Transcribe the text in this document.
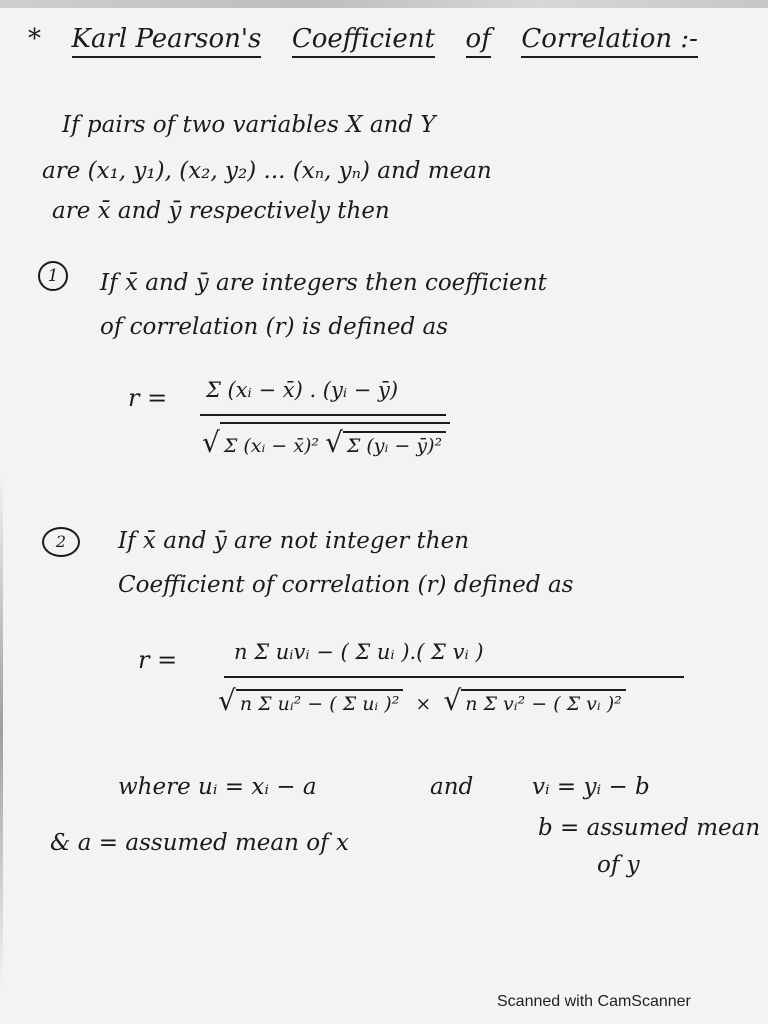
* Karl Pearson's Coefficient of Correlation :-

If pairs of two variables X and Y

are (x₁, y₁), (x₂, y₂) ... (xₙ, yₙ) and mean

are x̄ and ȳ respectively then

1	If x̄ and ȳ are integers then coefficient

of correlation (r) is defined as

r = Σ (xᵢ − x̄) . (yᵢ − ȳ)
√ Σ (xᵢ − x̄)² √ Σ (yᵢ − ȳ)²
2	If x̄ and ȳ are not integer then

Coefficient of correlation (r) defined as

r =	n Σ uᵢvᵢ − ( Σ uᵢ ).( Σ vᵢ )
√ n Σ uᵢ² − ( Σ uᵢ )² × √ n Σ vᵢ² − ( Σ vᵢ )²

where uᵢ = xᵢ − a	and	vᵢ = yᵢ − b

& a = assumed mean of x

b = assumed mean

of y

Scanned with CamScanner
